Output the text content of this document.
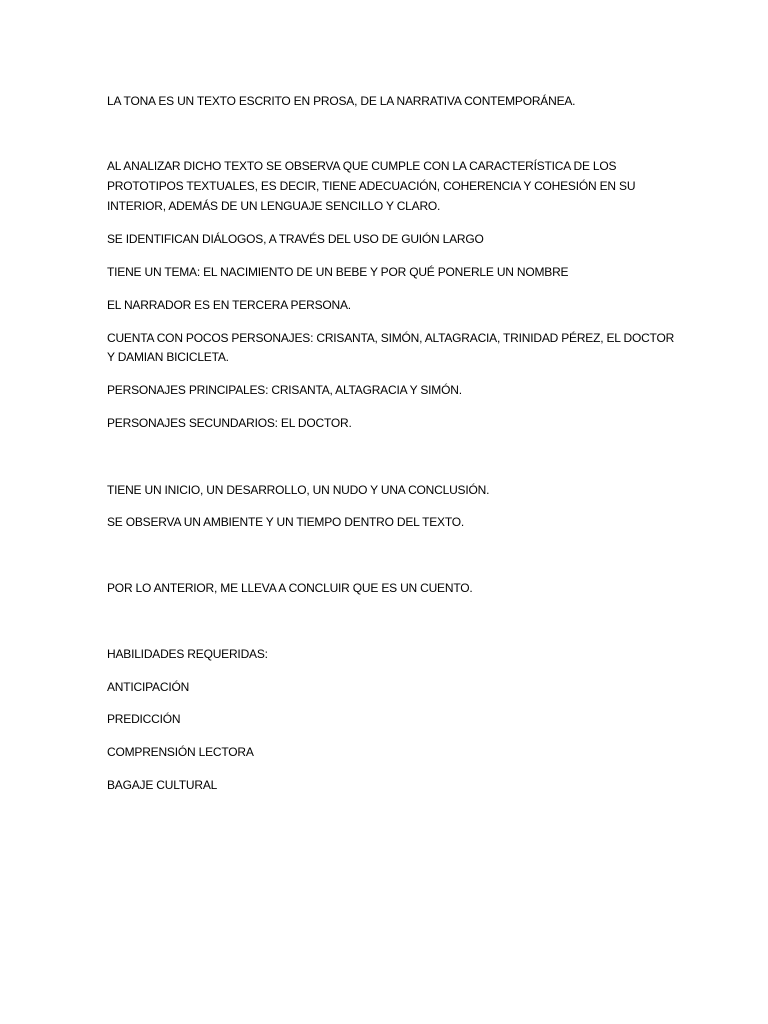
LA TONA ES UN TEXTO ESCRITO EN PROSA, DE LA NARRATIVA CONTEMPORÁNEA.

AL ANALIZAR DICHO TEXTO SE OBSERVA QUE CUMPLE CON LA CARACTERÍSTICA DE LOS

PROTOTIPOS TEXTUALES, ES DECIR, TIENE ADECUACIÓN, COHERENCIA Y COHESIÓN EN SU

INTERIOR, ADEMÁS DE UN LENGUAJE SENCILLO Y CLARO.

SE IDENTIFICAN DIÁLOGOS, A TRAVÉS DEL USO DE GUIÓN LARGO

TIENE UN TEMA: EL NACIMIENTO DE UN BEBE Y POR QUÉ PONERLE UN NOMBRE

EL NARRADOR ES EN TERCERA PERSONA.

CUENTA CON POCOS PERSONAJES: CRISANTA, SIMÓN, ALTAGRACIA, TRINIDAD PÉREZ, EL DOCTOR

Y DAMIAN BICICLETA.

PERSONAJES PRINCIPALES: CRISANTA, ALTAGRACIA Y SIMÓN.

PERSONAJES SECUNDARIOS: EL DOCTOR.

TIENE UN INICIO, UN DESARROLLO, UN NUDO Y UNA CONCLUSIÓN.

SE OBSERVA UN AMBIENTE Y UN TIEMPO DENTRO DEL TEXTO.

POR LO ANTERIOR, ME LLEVA A CONCLUIR QUE ES UN CUENTO.

HABILIDADES REQUERIDAS:

ANTICIPACIÓN

PREDICCIÓN

COMPRENSIÓN LECTORA

BAGAJE CULTURAL
